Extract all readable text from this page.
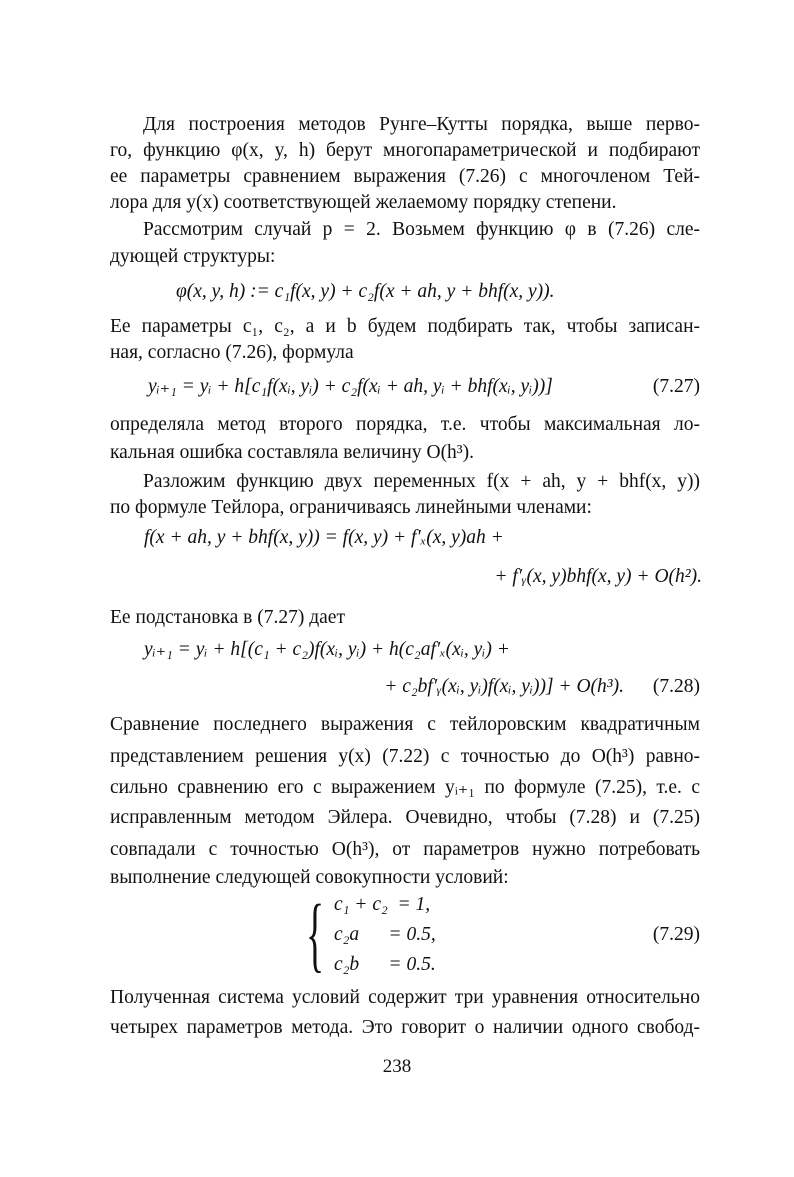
Для построения методов Рунге–Кутты порядка, выше перво-
го, функцию φ(x, y, h) берут многопараметрической и подбирают
ее параметры сравнением выражения (7.26) с многочленом Тей-
лора для y(x) соответствующей желаемому порядку степени.
Рассмотрим случай p = 2. Возьмем функцию φ в (7.26) сле-
дующей структуры:
φ(x, y, h) := c₁f(x, y) + c₂f(x + ah, y + bhf(x, y)).
Ее параметры c₁, c₂, a и b будем подбирать так, чтобы записан-
ная, согласно (7.26), формула
yᵢ₊₁ = yᵢ + h[c₁f(xᵢ, yᵢ) + c₂f(xᵢ + ah, yᵢ + bhf(xᵢ, yᵢ))]	(7.27)
определяла метод второго порядка, т.е. чтобы максимальная ло-
кальная ошибка составляла величину O(h³).
Разложим функцию двух переменных f(x + ah, y + bhf(x, y))
по формуле Тейлора, ограничиваясь линейными членами:
f(x + ah, y + bhf(x, y)) = f(x, y) + f′ₓ(x, y)ah +
+ f′ᵧ(x, y)bhf(x, y) + O(h²).
Ее подстановка в (7.27) дает
yᵢ₊₁ = yᵢ + h[(c₁ + c₂)f(xᵢ, yᵢ) + h(c₂af′ₓ(xᵢ, yᵢ) +
+ c₂bf′ᵧ(xᵢ, yᵢ)f(xᵢ, yᵢ))] + O(h³). (7.28)
Сравнение последнего выражения с тейлоровским квадратичным
представлением решения y(x) (7.22) с точностью до O(h³) равно-
сильно сравнению его с выражением yᵢ₊₁ по формуле (7.25), т.е. с
исправленным методом Эйлера. Очевидно, чтобы (7.28) и (7.25)
совпадали с точностью O(h³), от параметров нужно потребовать
выполнение следующей совокупности условий:
{ c₁ + c₂  = 1,
c₂a      = 0.5,	(7.29)
c₂b      = 0.5.
Полученная система условий содержит три уравнения относительно
четырех параметров метода. Это говорит о наличии одного свобод-
238
